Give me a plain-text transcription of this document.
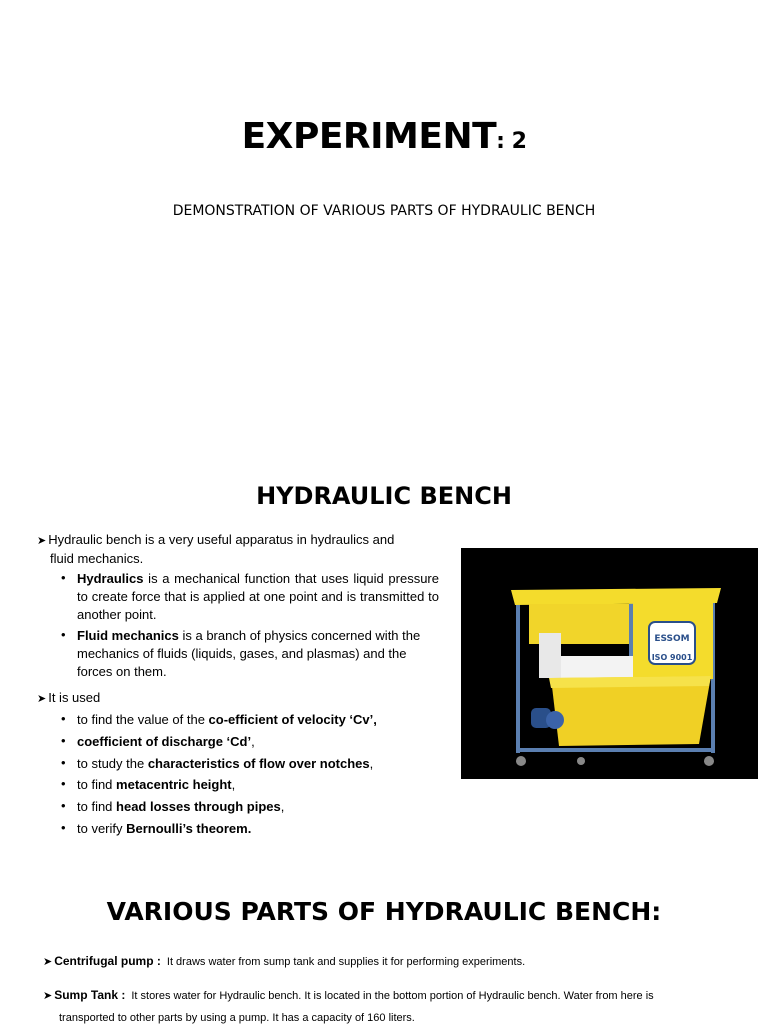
EXPERIMENT: 2
DEMONSTRATION OF VARIOUS PARTS OF HYDRAULIC BENCH
HYDRAULIC BENCH
➤ Hydraulic bench is a very useful apparatus in hydraulics and
fluid mechanics.
• Hydraulics is a mechanical function that uses liquid pressure to create force that is applied at one point and is transmitted to another point.
• Fluid mechanics is a branch of physics concerned with the mechanics of fluids (liquids, gases, and plasmas) and the forces on them.
➤ It is used
• to find the value of the co-efficient of velocity ‘Cv’,
• coefficient of discharge ‘Cd’,
• to study the characteristics of flow over notches,
• to find metacentric height,
• to find head losses through pipes,
• to verify Bernoulli’s theorem.
ESSOM
ISO 9001
VARIOUS PARTS OF HYDRAULIC BENCH:
➤ Centrifugal pump : It draws water from sump tank and supplies it for performing experiments.
➤ Sump Tank : It stores water for Hydraulic bench. It is located in the bottom portion of Hydraulic bench. Water from here is
transported to other parts by using a pump. It has a capacity of 160 liters.
